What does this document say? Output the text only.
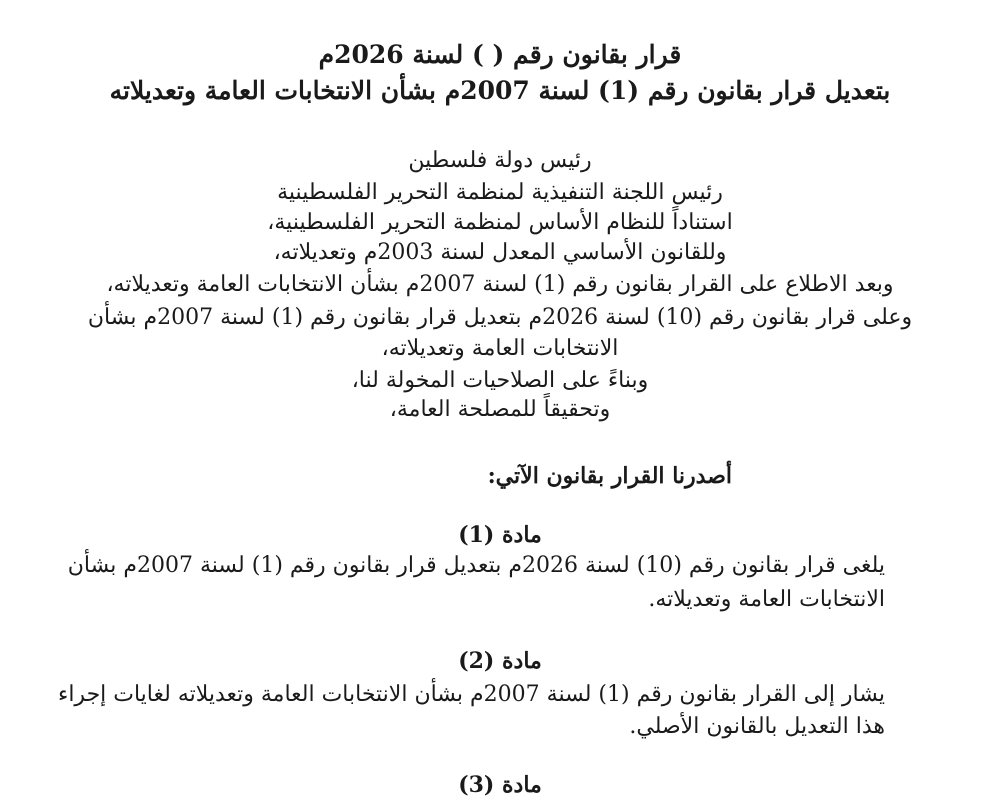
قرار بقانون رقم ( ) لسنة 2026م
بتعديل قرار بقانون رقم (1) لسنة 2007م بشأن الانتخابات العامة وتعديلاته
رئيس دولة فلسطين
رئيس اللجنة التنفيذية لمنظمة التحرير الفلسطينية
استناداً للنظام الأساس لمنظمة التحرير الفلسطينية،
وللقانون الأساسي المعدل لسنة 2003م وتعديلاته،
وبعد الاطلاع على القرار بقانون رقم (1) لسنة 2007م بشأن الانتخابات العامة وتعديلاته،
وعلى قرار بقانون رقم (10) لسنة 2026م بتعديل قرار بقانون رقم (1) لسنة 2007م بشأن
الانتخابات العامة وتعديلاته،
وبناءً على الصلاحيات المخولة لنا،
وتحقيقاً للمصلحة العامة،
أصدرنا القرار بقانون الآتي:
مادة (1)
يلغى قرار بقانون رقم (10) لسنة 2026م بتعديل قرار بقانون رقم (1) لسنة 2007م بشأن
الانتخابات العامة وتعديلاته.
مادة (2)
يشار إلى القرار بقانون رقم (1) لسنة 2007م بشأن الانتخابات العامة وتعديلاته لغايات إجراء
هذا التعديل بالقانون الأصلي.
مادة (3)
